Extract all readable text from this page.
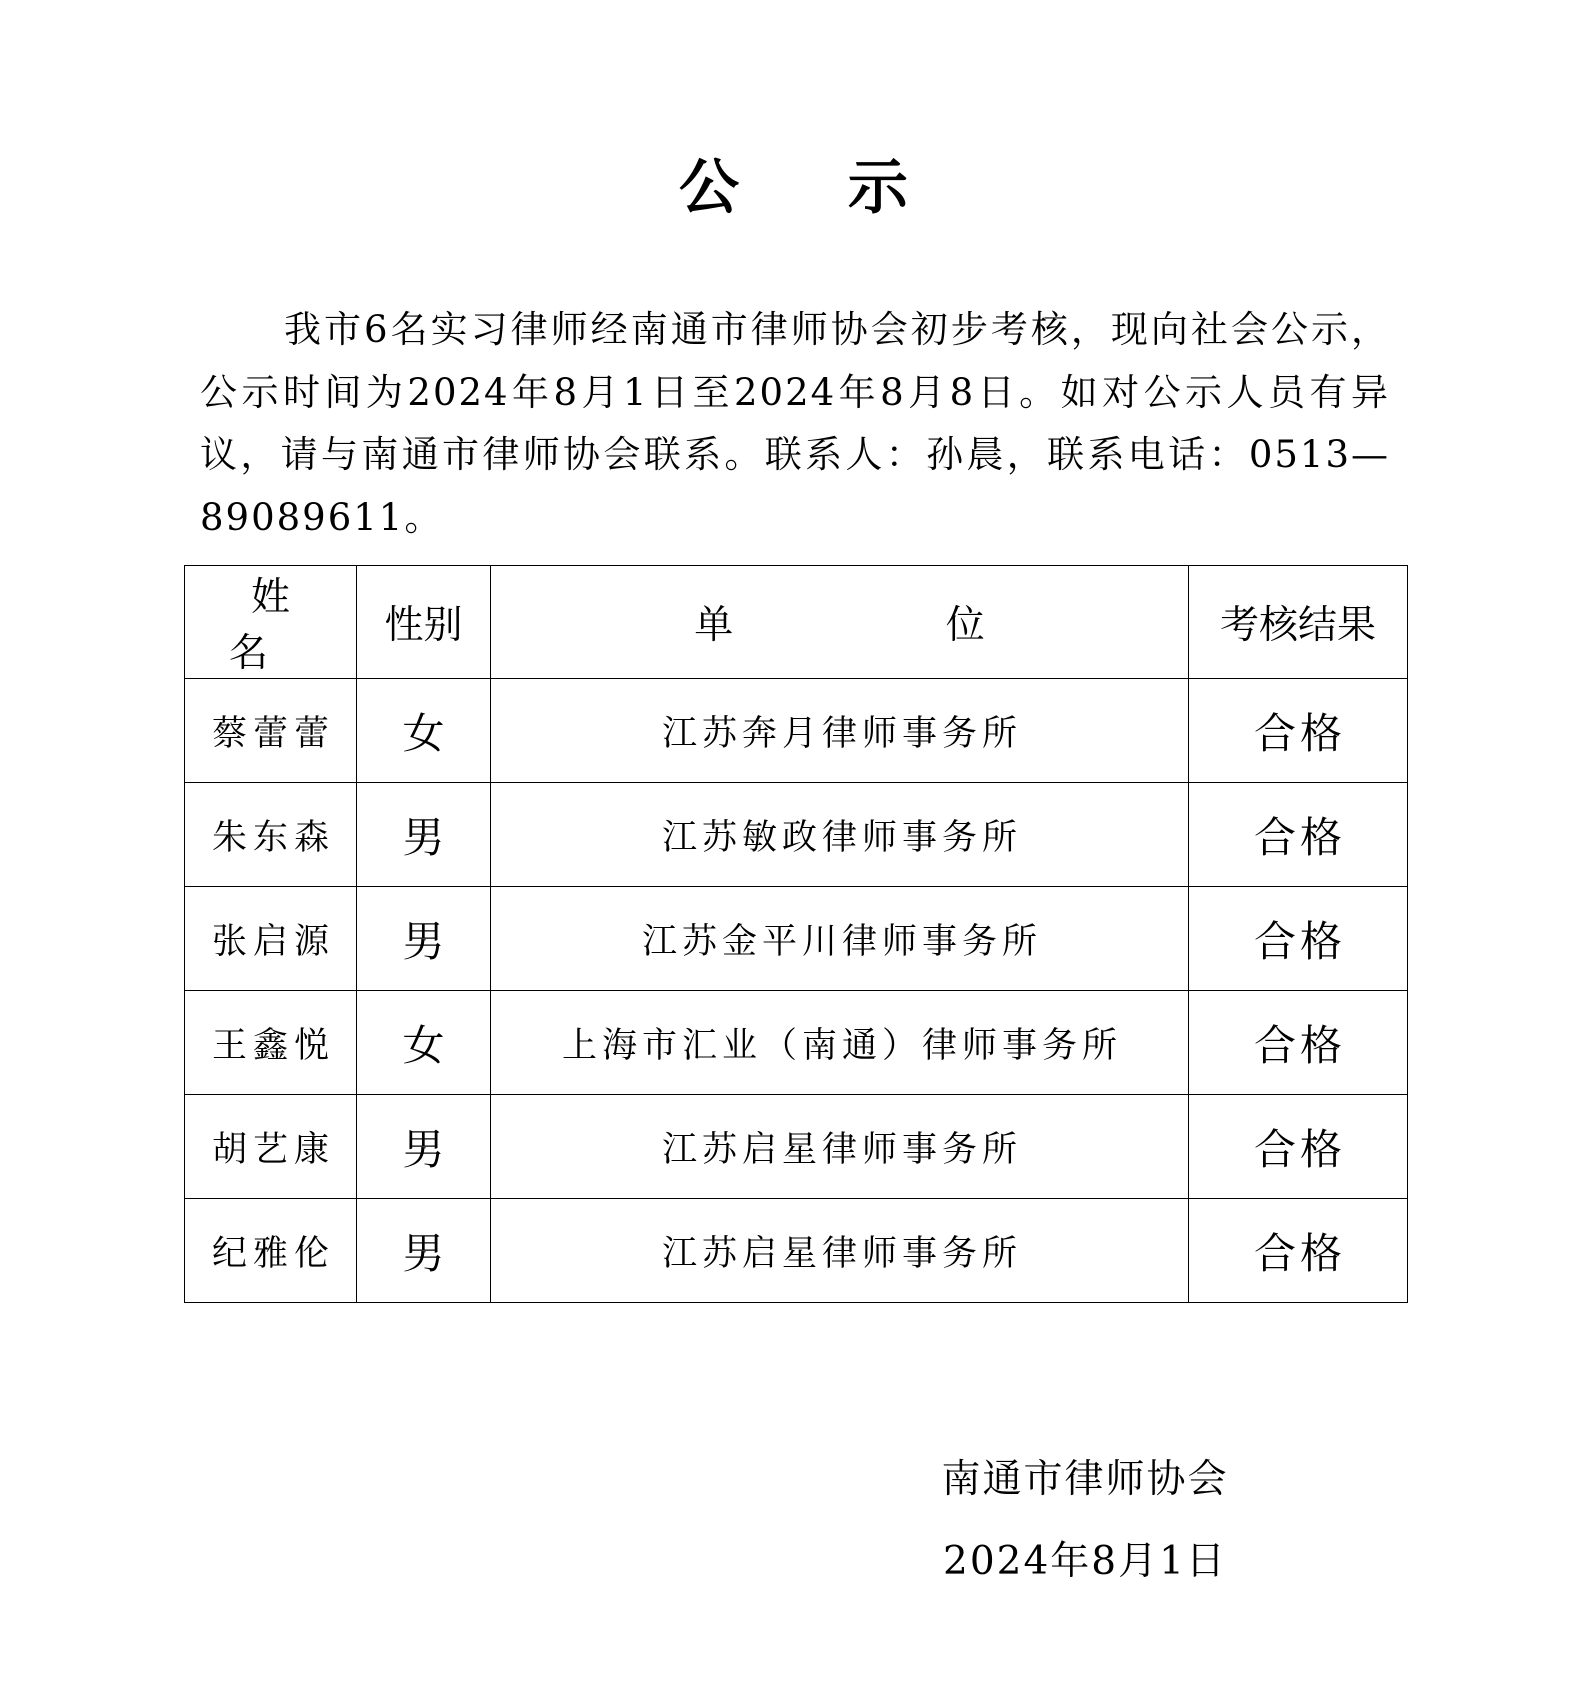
公 示

我市6名实习律师经南通市律师协会初步考核，现向社会公示，公示时间为2024年8月1日至2024年8月8日。如对公示人员有异议，请与南通市律师协会联系。联系人：孙晨，联系电话：0513—89089611。

姓 名	性别	单 位	考核结果
蔡蕾蕾	女	江苏奔月律师事务所	合格
朱东森	男	江苏敏政律师事务所	合格
张启源	男	江苏金平川律师事务所	合格
王鑫悦	女	上海市汇业（南通）律师事务所	合格
胡艺康	男	江苏启星律师事务所	合格
纪雅伦	男	江苏启星律师事务所	合格
南通市律师协会
2024年8月1日
